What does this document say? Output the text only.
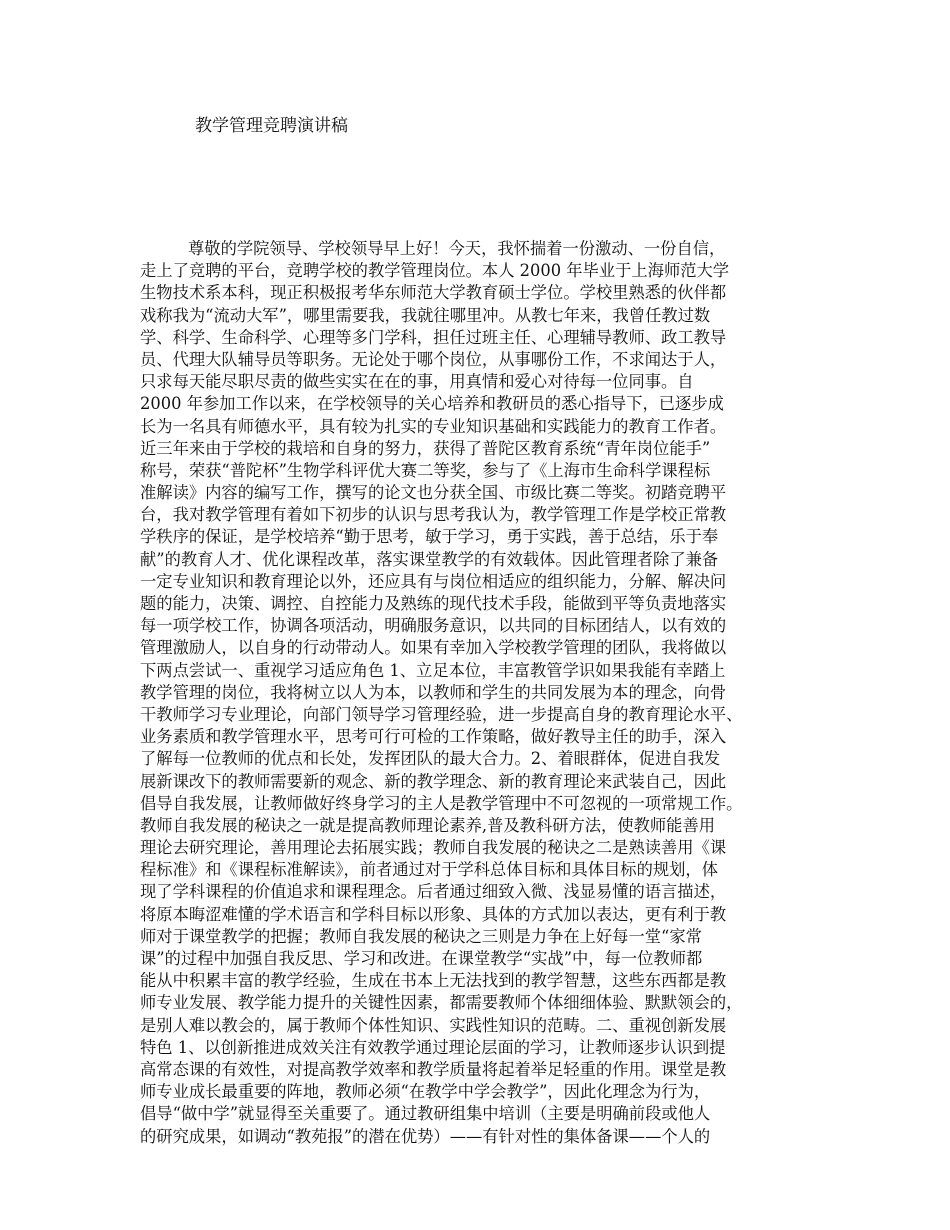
教学管理竞聘演讲稿
尊敬的学院领导、学校领导早上好！今天，我怀揣着一份激动、一份自信，
走上了竞聘的平台，竞聘学校的教学管理岗位。本人 2000 年毕业于上海师范大学
生物技术系本科，现正积极报考华东师范大学教育硕士学位。学校里熟悉的伙伴都
戏称我为“流动大军”，哪里需要我，我就往哪里冲。从教七年来，我曾任教过数
学、科学、生命科学、心理等多门学科，担任过班主任、心理辅导教师、政工教导
员、代理大队辅导员等职务。无论处于哪个岗位，从事哪份工作，不求闻达于人，
只求每天能尽职尽责的做些实实在在的事，用真情和爱心对待每一位同事。自
2000 年参加工作以来，在学校领导的关心培养和教研员的悉心指导下，已逐步成
长为一名具有师德水平，具有较为扎实的专业知识基础和实践能力的教育工作者。
近三年来由于学校的栽培和自身的努力，获得了普陀区教育系统“青年岗位能手”
称号，荣获“普陀杯”生物学科评优大赛二等奖，参与了《上海市生命科学课程标
准解读》内容的编写工作，撰写的论文也分获全国、市级比赛二等奖。初踏竞聘平
台，我对教学管理有着如下初步的认识与思考我认为，教学管理工作是学校正常教
学秩序的保证，是学校培养“勤于思考，敏于学习，勇于实践，善于总结，乐于奉
献”的教育人才、优化课程改革，落实课堂教学的有效载体。因此管理者除了兼备
一定专业知识和教育理论以外，还应具有与岗位相适应的组织能力，分解、解决问
题的能力，决策、调控、自控能力及熟练的现代技术手段，能做到平等负责地落实
每一项学校工作，协调各项活动，明确服务意识，以共同的目标团结人，以有效的
管理激励人，以自身的行动带动人。如果有幸加入学校教学管理的团队，我将做以
下两点尝试一、重视学习适应角色 1、立足本位，丰富教管学识如果我能有幸踏上
教学管理的岗位，我将树立以人为本，以教师和学生的共同发展为本的理念，向骨
干教师学习专业理论，向部门领导学习管理经验，进一步提高自身的教育理论水平、
业务素质和教学管理水平，思考可行可检的工作策略，做好教导主任的助手，深入
了解每一位教师的优点和长处，发挥团队的最大合力。2、着眼群体，促进自我发
展新课改下的教师需要新的观念、新的教学理念、新的教育理论来武装自己，因此
倡导自我发展，让教师做好终身学习的主人是教学管理中不可忽视的一项常规工作。
教师自我发展的秘诀之一就是提高教师理论素养,普及教科研方法，使教师能善用
理论去研究理论，善用理论去拓展实践；教师自我发展的秘诀之二是熟读善用《课
程标准》和《课程标准解读》，前者通过对于学科总体目标和具体目标的规划，体
现了学科课程的价值追求和课程理念。后者通过细致入微、浅显易懂的语言描述，
将原本晦涩难懂的学术语言和学科目标以形象、具体的方式加以表达，更有利于教
师对于课堂教学的把握；教师自我发展的秘诀之三则是力争在上好每一堂“家常
课”的过程中加强自我反思、学习和改进。在课堂教学“实战”中，每一位教师都
能从中积累丰富的教学经验，生成在书本上无法找到的教学智慧，这些东西都是教
师专业发展、教学能力提升的关键性因素，都需要教师个体细细体验、默默领会的，
是别人难以教会的，属于教师个体性知识、实践性知识的范畴。二、重视创新发展
特色 1、以创新推进成效关注有效教学通过理论层面的学习，让教师逐步认识到提
高常态课的有效性，对提高教学效率和教学质量将起着举足轻重的作用。课堂是教
师专业成长最重要的阵地，教师必须“在教学中学会教学”，因此化理念为行为，
倡导“做中学”就显得至关重要了。通过教研组集中培训（主要是明确前段或他人
的研究成果，如调动“教苑报”的潜在优势）——有针对性的集体备课——个人的
